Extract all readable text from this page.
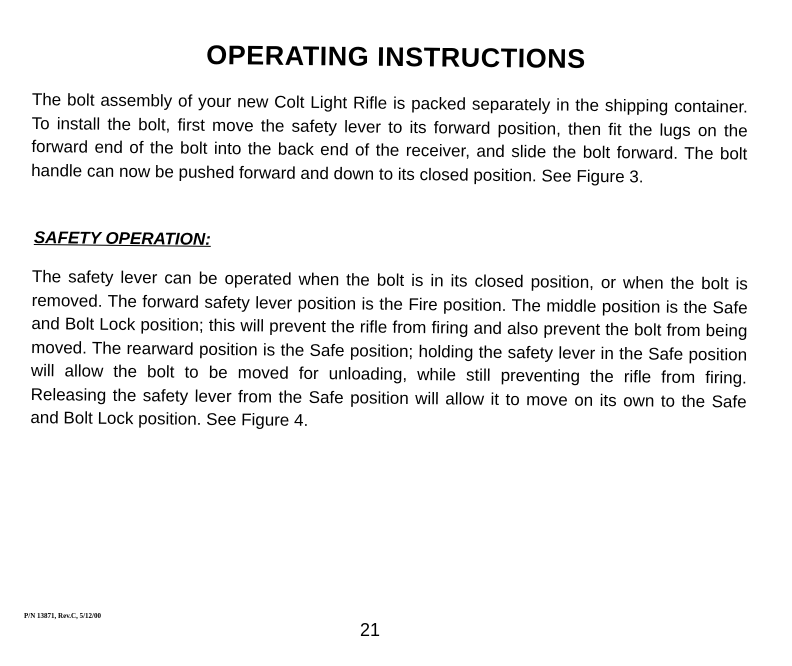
OPERATING INSTRUCTIONS

The bolt assembly of your new Colt Light Rifle is packed separately in the shipping container. To install the bolt, first move the safety lever to its forward position, then fit the lugs on the forward end of the bolt into the back end of the receiver, and slide the bolt forward. The bolt handle can now be pushed forward and down to its closed position. See Figure 3.

SAFETY OPERATION:

The safety lever can be operated when the bolt is in its closed position, or when the bolt is removed. The forward safety lever position is the Fire position. The middle position is the Safe and Bolt Lock position; this will prevent the rifle from firing and also prevent the bolt from being moved. The rearward position is the Safe position; holding the safety lever in the Safe position will allow the bolt to be moved for unloading, while still preventing the rifle from firing. Releasing the safety lever from the Safe position will allow it to move on its own to the Safe and Bolt Lock position. See Figure 4.

P/N 13871, Rev.C, 5/12/00
21
